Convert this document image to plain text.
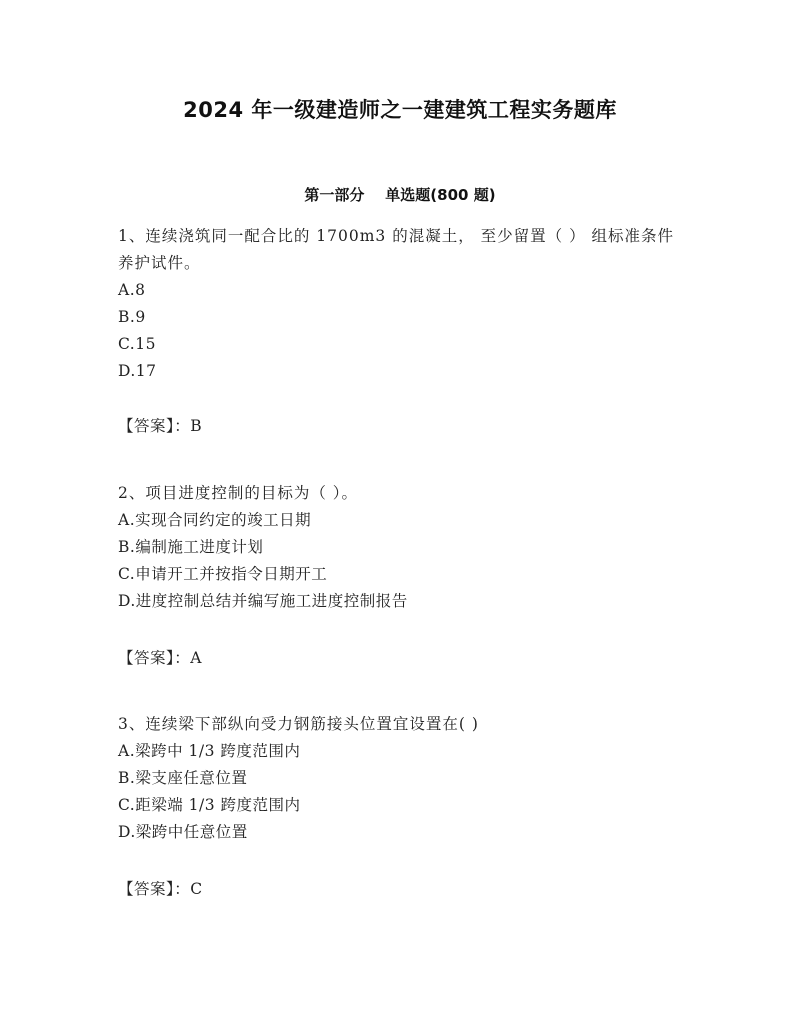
2024 年一级建造师之一建建筑工程实务题库
第一部分    单选题(800 题)

1、连续浇筑同一配合比的 1700m3 的混凝土， 至少留置（ ） 组标准条件养护试件。

A.8

B.9

C.15

D.17

【答案】：B

2、项目进度控制的目标为（ ）。

A.实现合同约定的竣工日期

B.编制施工进度计划

C.申请开工并按指令日期开工

D.进度控制总结并编写施工进度控制报告

【答案】：A

3、连续梁下部纵向受力钢筋接头位置宜设置在( )

A.梁跨中 1/3 跨度范围内

B.梁支座任意位置

C.距梁端 1/3 跨度范围内

D.梁跨中任意位置

【答案】：C
